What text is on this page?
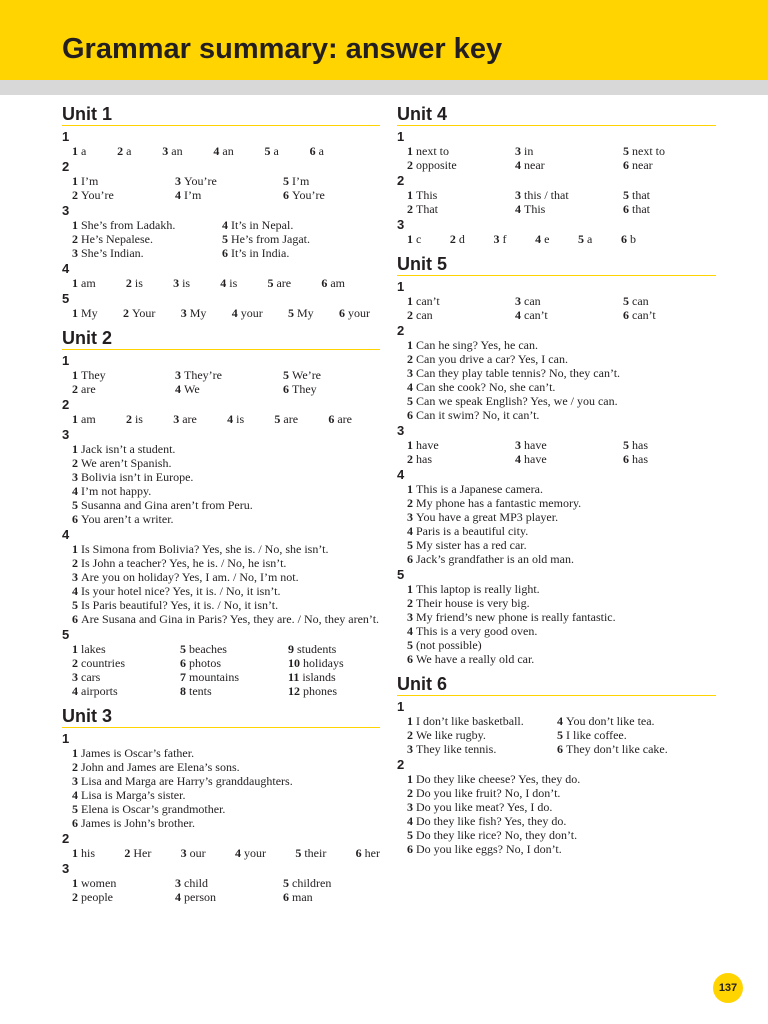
Grammar summary: answer key
Unit 1
1
1 a	2 a	3 an	4 an	5 a	6 a
2
1 I’m	3 You’re	5 I’m
2 You’re	4 I’m	6 You’re
3
1 She’s from Ladakh.	4 It’s in Nepal.
2 He’s Nepalese.	5 He’s from Jagat.
3 She’s Indian.	6 It’s in India.
4
1 am	2 is	3 is	4 is	5 are	6 am
5
1 My 2 Your 3 My 4 your 5 My 6 your
Unit 2
1
1 They	3 They’re	5 We’re
2 are	4 We	6 They
2
1 am	2 is	3 are	4 is	5 are	6 are
3
1 Jack isn’t a student.
2 We aren’t Spanish.
3 Bolivia isn’t in Europe.
4 I’m not happy.
5 Susanna and Gina aren’t from Peru.
6 You aren’t a writer.
4
1 Is Simona from Bolivia? Yes, she is. / No, she isn’t.
2 Is John a teacher? Yes, he is. / No, he isn’t.
3 Are you on holiday? Yes, I am. / No, I’m not.
4 Is your hotel nice? Yes, it is. / No, it isn’t.
5 Is Paris beautiful? Yes, it is. / No, it isn’t.
6 Are Susana and Gina in Paris? Yes, they are. / No, they aren’t.
5
1 lakes	5 beaches	9 students
2 countries	6 photos	10 holidays
3 cars	7 mountains	11 islands
4 airports	8 tents	12 phones
Unit 3
1
1 James is Oscar’s father.
2 John and James are Elena’s sons.
3 Lisa and Marga are Harry’s granddaughters.
4 Lisa is Marga’s sister.
5 Elena is Oscar’s grandmother.
6 James is John’s brother.
2
1 his 2 Her 3 our 4 your 5 their 6 her
3
1 women	3 child	5 children
2 people	4 person	6 man
Unit 4
1
1 next to	3 in	5 next to
2 opposite	4 near	6 near
2
1 This	3 this / that	5 that
2 That	4 This	6 that
3
1 c 2 d 3 f 4 e 5 a 6 b
Unit 5
1
1 can’t	3 can	5 can
2 can	4 can’t	6 can’t
2
1 Can he sing? Yes, he can.
2 Can you drive a car? Yes, I can.
3 Can they play table tennis? No, they can’t.
4 Can she cook? No, she can’t.
5 Can we speak English? Yes, we / you can.
6 Can it swim? No, it can’t.
3
1 have	3 have	5 has
2 has	4 have	6 has
4
1 This is a Japanese camera.
2 My phone has a fantastic memory.
3 You have a great MP3 player.
4 Paris is a beautiful city.
5 My sister has a red car.
6 Jack’s grandfather is an old man.
5
1 This laptop is really light.
2 Their house is very big.
3 My friend’s new phone is really fantastic.
4 This is a very good oven.
5 (not possible)
6 We have a really old car.
Unit 6
1
1 I don’t like basketball.	4 You don’t like tea.
2 We like rugby.	5 I like coffee.
3 They like tennis.	6 They don’t like cake.
2
1 Do they like cheese? Yes, they do.
2 Do you like fruit? No, I don’t.
3 Do you like meat? Yes, I do.
4 Do they like fish? Yes, they do.
5 Do they like rice? No, they don’t.
6 Do you like eggs? No, I don’t.
137
